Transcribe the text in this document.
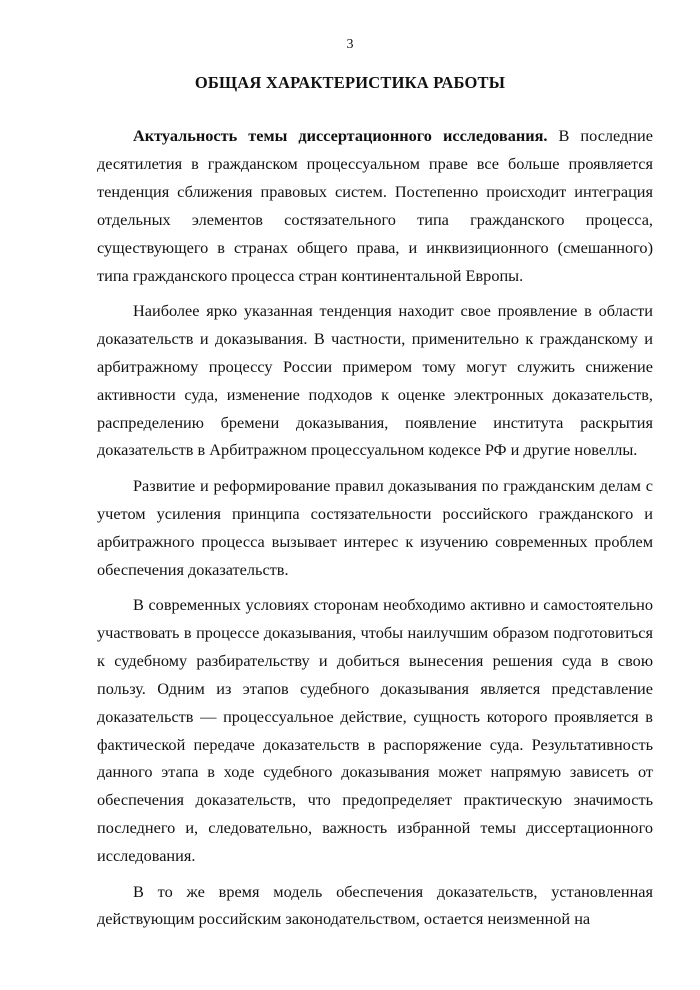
3
ОБЩАЯ ХАРАКТЕРИСТИКА РАБОТЫ

Актуальность темы диссертационного исследования. В последние десятилетия в гражданском процессуальном праве все больше проявляется тенденция сближения правовых систем. Постепенно происходит интеграция отдельных элементов состязательного типа гражданского процесса, существующего в странах общего права, и инквизиционного (смешанного) типа гражданского процесса стран континентальной Европы.

Наиболее ярко указанная тенденция находит свое проявление в области доказательств и доказывания. В частности, применительно к гражданскому и арбитражному процессу России примером тому могут служить снижение активности суда, изменение подходов к оценке электронных доказательств, распределению бремени доказывания, появление института раскрытия доказательств в Арбитражном процессуальном кодексе РФ и другие новеллы.

Развитие и реформирование правил доказывания по гражданским делам с учетом усиления принципа состязательности российского гражданского и арбитражного процесса вызывает интерес к изучению современных проблем обеспечения доказательств.

В современных условиях сторонам необходимо активно и самостоятельно участвовать в процессе доказывания, чтобы наилучшим образом подготовиться к судебному разбирательству и добиться вынесения решения суда в свою пользу. Одним из этапов судебного доказывания является представление доказательств — процессуальное действие, сущность которого проявляется в фактической передаче доказательств в распоряжение суда. Результативность данного этапа в ходе судебного доказывания может напрямую зависеть от обеспечения доказательств, что предопределяет практическую значимость последнего и, следовательно, важность избранной темы диссертационного исследования.

В то же время модель обеспечения доказательств, установленная действующим российским законодательством, остается неизменной на
